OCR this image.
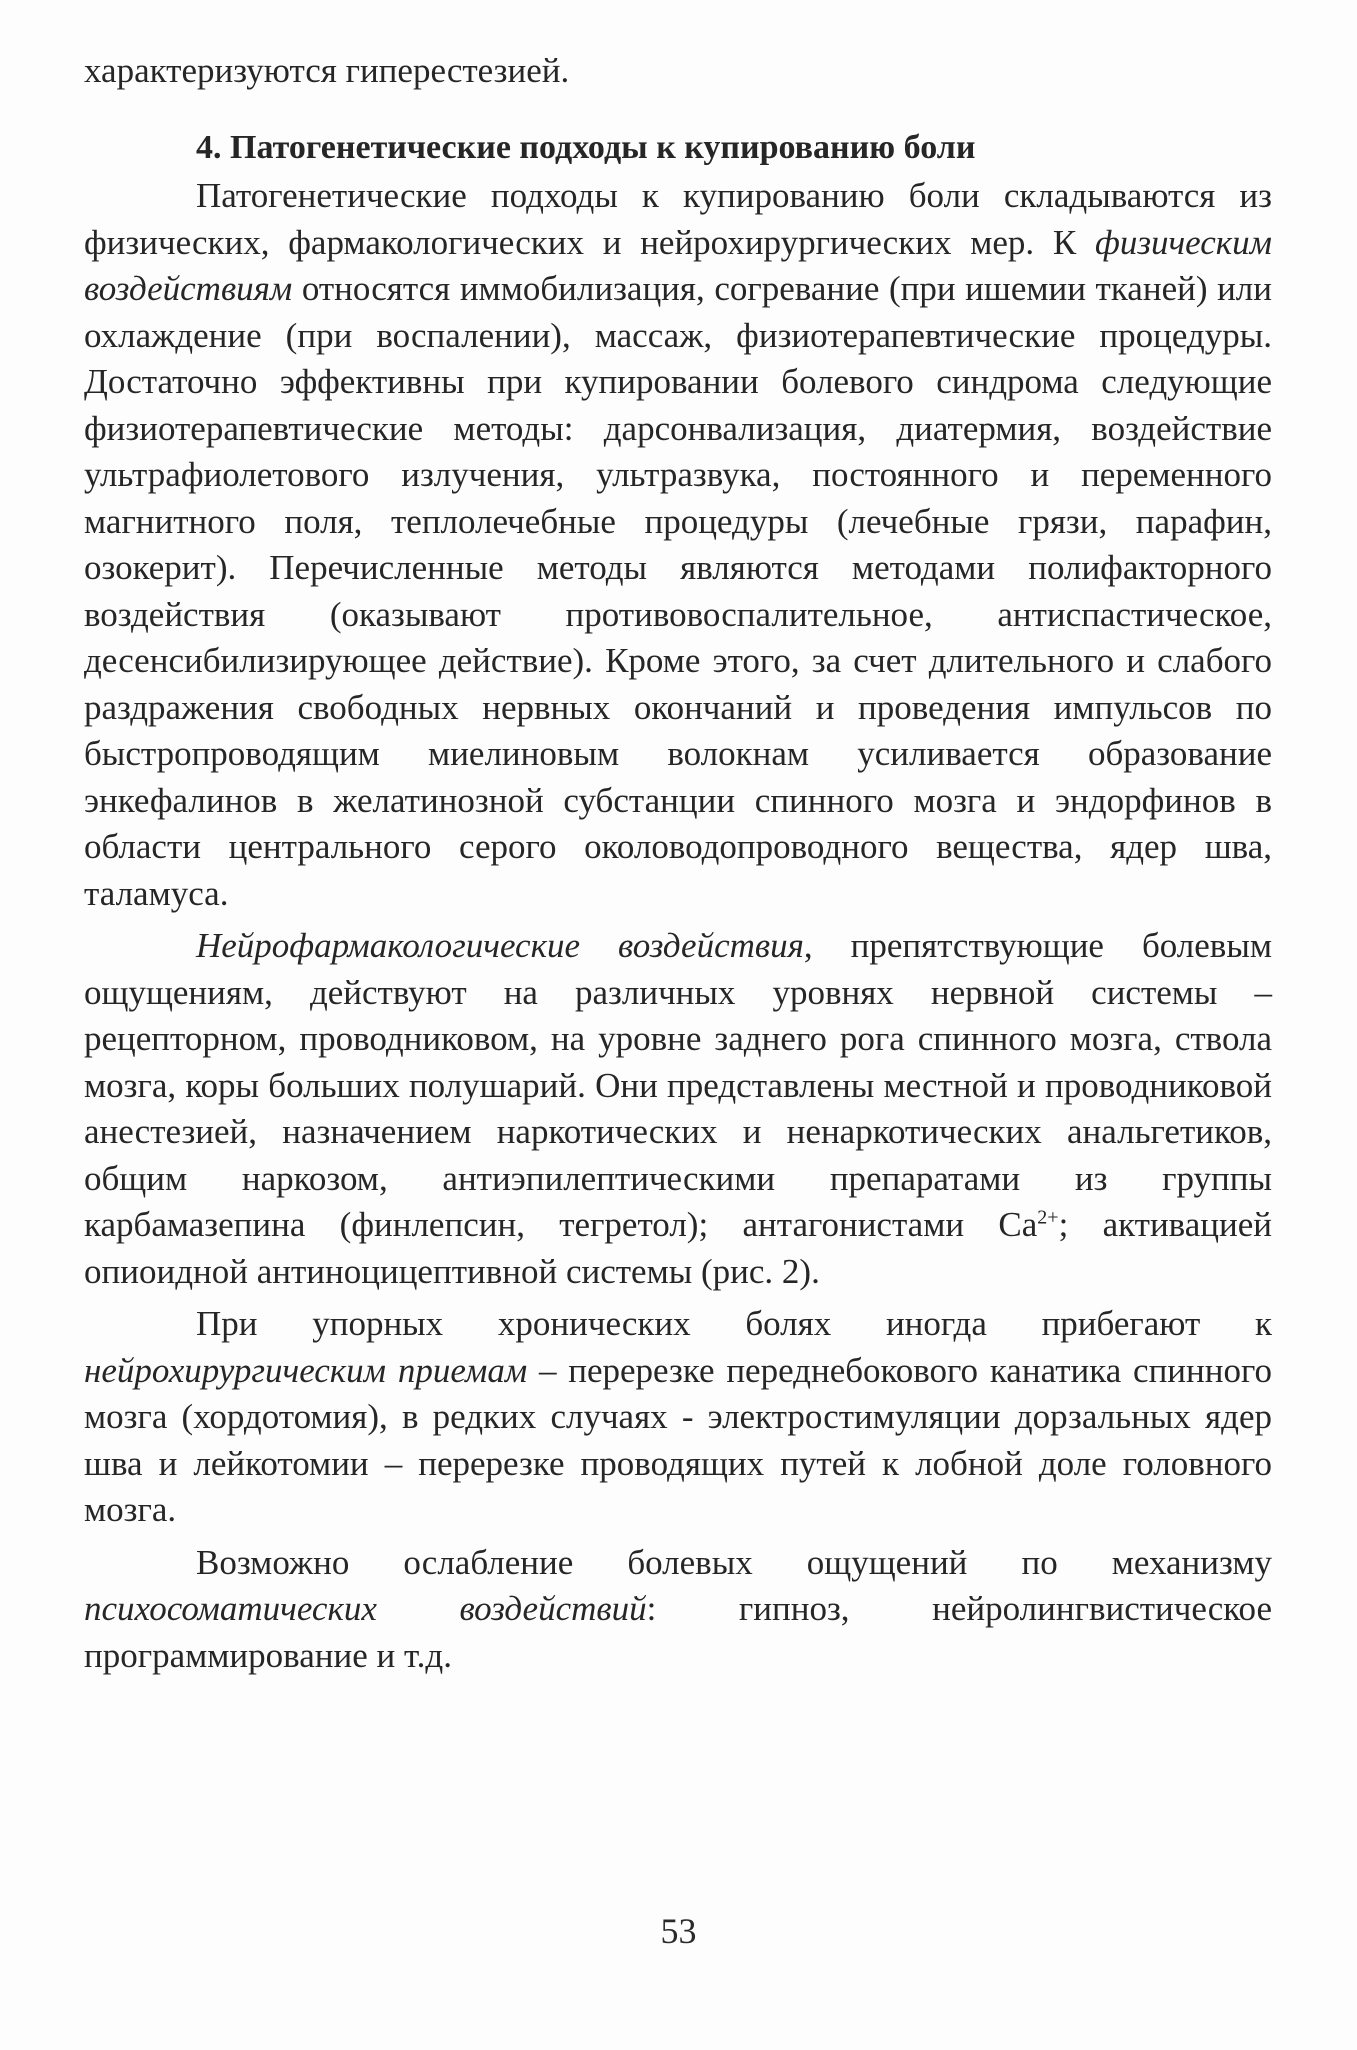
характеризуются гиперестезией.

4. Патогенетические подходы к купированию боли

Патогенетические подходы к купированию боли складываются из физических, фармакологических и нейрохирургических мер. К физическим воздействиям относятся иммобилизация, согревание (при ишемии тканей) или охлаждение (при воспалении), массаж, физиотерапевтические процедуры. Достаточно эффективны при купировании болевого синдрома следующие физиотерапевтические методы: дарсонвализация, диатермия, воздействие ультрафиолетового излучения, ультразвука, постоянного и переменного магнитного поля, теплолечебные процедуры (лечебные грязи, парафин, озокерит). Перечисленные методы являются методами полифакторного воздействия (оказывают противовоспалительное, антиспастическое, десенсибилизирующее действие). Кроме этого, за счет длительного и слабого раздражения свободных нервных окончаний и проведения импульсов по быстропроводящим миелиновым волокнам усиливается образование энкефалинов в желатинозной субстанции спинного мозга и эндорфинов в области центрального серого околоводопроводного вещества, ядер шва, таламуса.

Нейрофармакологические воздействия, препятствующие болевым ощущениям, действуют на различных уровнях нервной системы – рецепторном, проводниковом, на уровне заднего рога спинного мозга, ствола мозга, коры больших полушарий. Они представлены местной и проводниковой анестезией, назначением наркотических и ненаркотических анальгетиков, общим наркозом, антиэпилептическими препаратами из группы карбамазепина (финлепсин, тегретол); антагонистами $Ca^{2+}$; активацией опиоидной антиноцицептивной системы (рис. 2).

При упорных хронических болях иногда прибегают к нейрохирургическим приемам – перерезке переднебокового канатика спинного мозга (хордотомия), в редких случаях - электростимуляции дорзальных ядер шва и лейкотомии – перерезке проводящих путей к лобной доле головного мозга.

Возможно ослабление болевых ощущений по механизму психосоматических воздействий: гипноз, нейролингвистическое программирование и т.д.

53
